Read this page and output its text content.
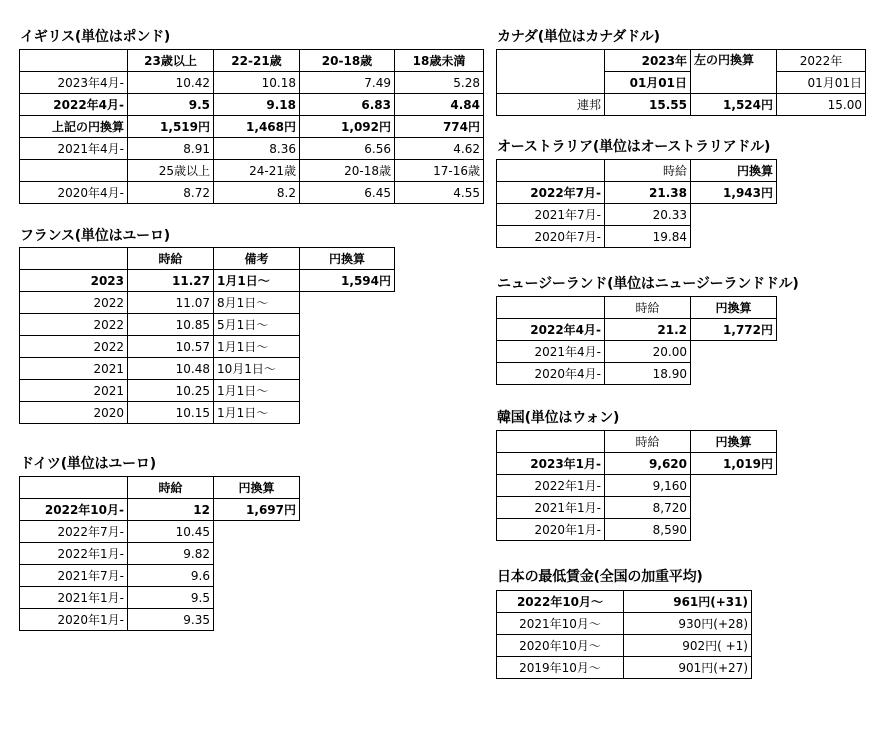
イギリス(単位はポンド)
	23歳以上	22-21歳	20-18歳	18歳未満
2023年4月-	10.42	10.18	7.49	5.28
2022年4月-	9.5	9.18	6.83	4.84
上記の円換算	1,519円	1,468円	1,092円	774円
2021年4月-	8.91	8.36	6.56	4.62
	25歳以上	24-21歳	20-18歳	17-16歳
2020年4月-	8.72	8.2	6.45	4.55
フランス(単位はユーロ)
	時給	備考	円換算
2023	11.27	1月1日～	1,594円
2022	11.07	8月1日～	
2022	10.85	5月1日～	
2022	10.57	1月1日～	
2021	10.48	10月1日～	
2021	10.25	1月1日～	
2020	10.15	1月1日～	
ドイツ(単位はユーロ)
	時給	円換算
2022年10月-	12	1,697円
2022年7月-	10.45	
2022年1月-	9.82	
2021年7月-	9.6	
2021年1月-	9.5	
2020年1月-	9.35	
カナダ(単位はカナダドル)
	2023年	左の円換算	2022年
	01月01日		01月01日
連邦	15.55	1,524円	15.00
オーストラリア(単位はオーストラリアドル)
	時給	円換算
2022年7月-	21.38	1,943円
2021年7月-	20.33	
2020年7月-	19.84	
ニュージーランド(単位はニュージーランドドル)
	時給	円換算
2022年4月-	21.2	1,772円
2021年4月-	20.00	
2020年4月-	18.90	
韓国(単位はウォン)
	時給	円換算
2023年1月-	9,620	1,019円
2022年1月-	9,160	
2021年1月-	8,720	
2020年1月-	8,590	
日本の最低賃金(全国の加重平均)
2022年10月～	961円(+31)
2021年10月～	930円(+28)
2020年10月～	902円( +1)
2019年10月～	901円(+27)
